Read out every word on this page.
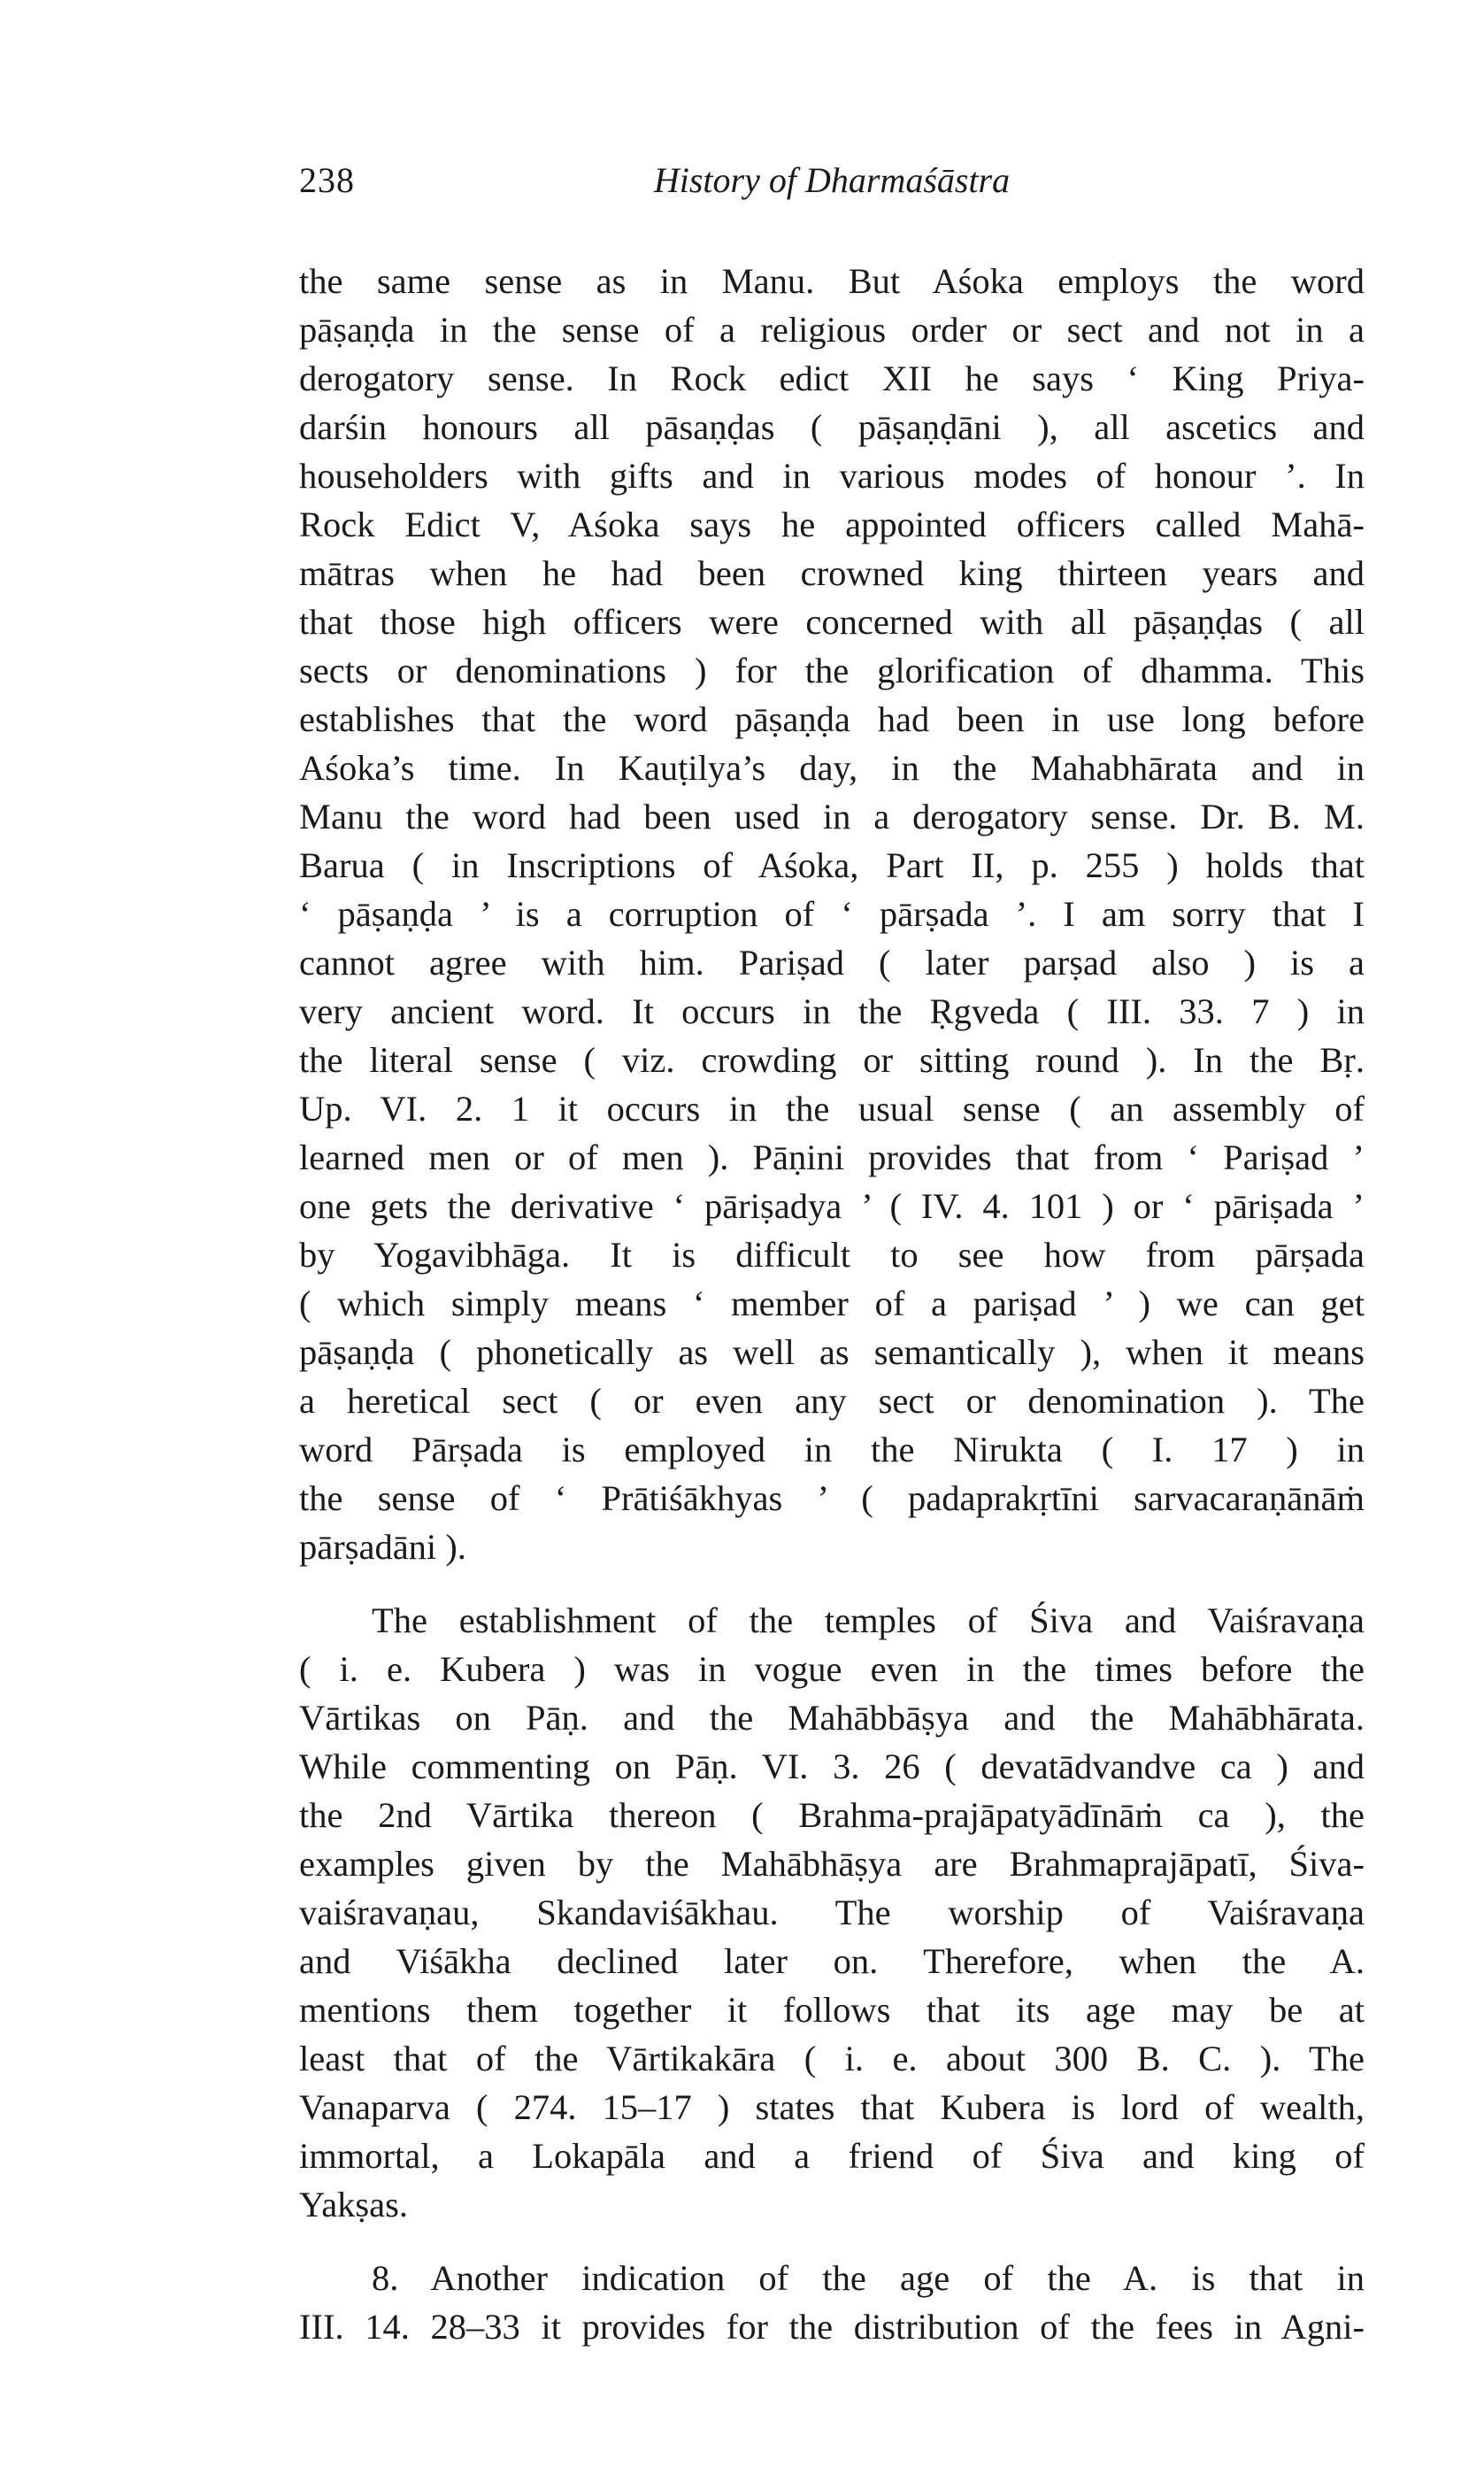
238	History of Dharmaśāstra
the same sense as in Manu. But Aśoka employs the word
pāṣaṇḍa in the sense of a religious order or sect and not in a
derogatory sense. In Rock edict XII he says ‘ King Priya-
darśin honours all pāsaṇḍas ( pāṣaṇḍāni ), all ascetics and
householders with gifts and in various modes of honour ’. In
Rock Edict V, Aśoka says he appointed officers called Mahā-
mātras when he had been crowned king thirteen years and
that those high officers were concerned with all pāṣaṇḍas ( all
sects or denominations ) for the glorification of dhamma. This
establishes that the word pāṣaṇḍa had been in use long before
Aśoka’s time. In Kauṭilya’s day, in the Mahabhārata and in
Manu the word had been used in a derogatory sense. Dr. B. M.
Barua ( in Inscriptions of Aśoka, Part II, p. 255 ) holds that
‘ pāṣaṇḍa ’ is a corruption of ‘ pārṣada ’. I am sorry that I
cannot agree with him. Pariṣad ( later parṣad also ) is a
very ancient word. It occurs in the Ṛgveda ( III. 33. 7 ) in
the literal sense ( viz. crowding or sitting round ). In the Bṛ.
Up. VI. 2. 1 it occurs in the usual sense ( an assembly of
learned men or of men ). Pāṇini provides that from ‘ Pariṣad ’
one gets the derivative ‘ pāriṣadya ’ ( IV. 4. 101 ) or ‘ pāriṣada ’
by Yogavibhāga. It is difficult to see how from pārṣada
( which simply means ‘ member of a pariṣad ’ ) we can get
pāṣaṇḍa ( phonetically as well as semantically ), when it means
a heretical sect ( or even any sect or denomination ). The
word Pārṣada is employed in the Nirukta ( I. 17 ) in
the sense of ‘ Prātiśākhyas ’ ( padaprakṛtīni sarvacaraṇānāṁ
pārṣadāni ).
The establishment of the temples of Śiva and Vaiśravaṇa
( i. e. Kubera ) was in vogue even in the times before the
Vārtikas on Pāṇ. and the Mahābbāṣya and the Mahābhārata.
While commenting on Pāṇ. VI. 3. 26 ( devatādvandve ca ) and
the 2nd Vārtika thereon ( Brahma-prajāpatyādīnāṁ ca ), the
examples given by the Mahābhāṣya are Brahmaprajāpatī, Śiva-
vaiśravaṇau, Skandaviśākhau. The worship of Vaiśravaṇa
and Viśākha declined later on. Therefore, when the A.
mentions them together it follows that its age may be at
least that of the Vārtikakāra ( i. e. about 300 B. C. ). The
Vanaparva ( 274. 15–17 ) states that Kubera is lord of wealth,
immortal, a Lokapāla and a friend of Śiva and king of
Yakṣas.
8. Another indication of the age of the A. is that in
III. 14. 28–33 it provides for the distribution of the fees in Agni-
